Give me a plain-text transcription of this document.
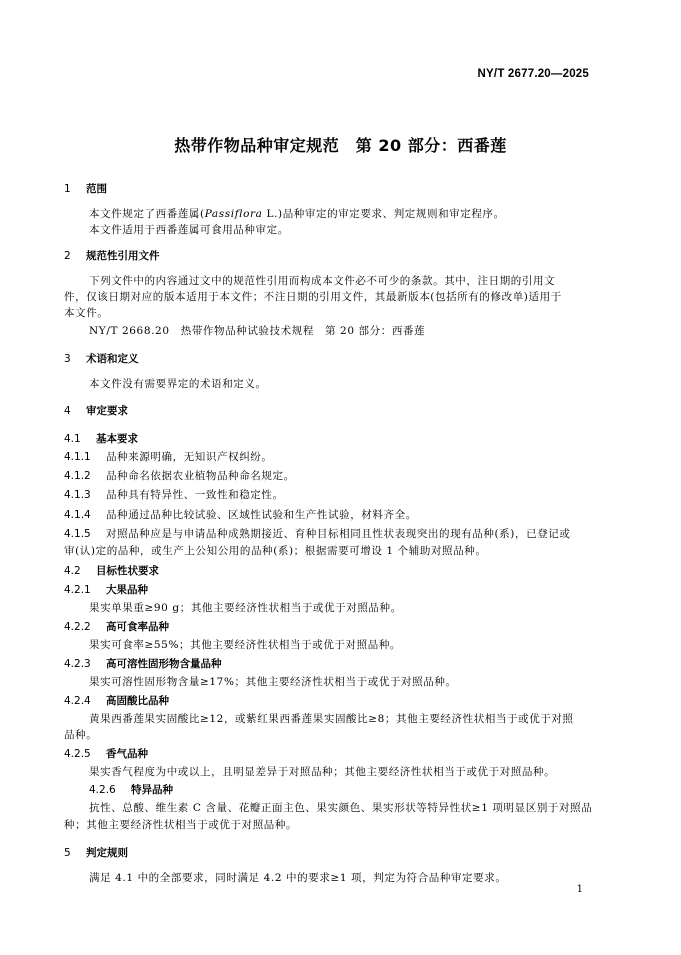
NY/T 2677.20—2025
热带作物品种审定规范　第 20 部分：西番莲
1 范围
本文件规定了西番莲属(Passiflora L.)品种审定的审定要求、判定规则和审定程序。
本文件适用于西番莲属可食用品种审定。
2 规范性引用文件
下列文件中的内容通过文中的规范性引用而构成本文件必不可少的条款。其中，注日期的引用文
件，仅该日期对应的版本适用于本文件；不注日期的引用文件，其最新版本(包括所有的修改单)适用于
本文件。
NY/T 2668.20　热带作物品种试验技术规程　第 20 部分：西番莲
3 术语和定义
本文件没有需要界定的术语和定义。
4 审定要求
4.1 基本要求
4.1.1 品种来源明确，无知识产权纠纷。
4.1.2 品种命名依据农业植物品种命名规定。
4.1.3 品种具有特异性、一致性和稳定性。
4.1.4 品种通过品种比较试验、区域性试验和生产性试验，材料齐全。
4.1.5 对照品种应是与申请品种成熟期接近、育种目标相同且性状表现突出的现有品种(系)，已登记或
审(认)定的品种，或生产上公知公用的品种(系)；根据需要可增设 1 个辅助对照品种。
4.2 目标性状要求
4.2.1 大果品种
果实单果重≥90 g；其他主要经济性状相当于或优于对照品种。
4.2.2 高可食率品种
果实可食率≥55%；其他主要经济性状相当于或优于对照品种。
4.2.3 高可溶性固形物含量品种
果实可溶性固形物含量≥17%；其他主要经济性状相当于或优于对照品种。
4.2.4 高固酸比品种
黄果西番莲果实固酸比≥12，或紫红果西番莲果实固酸比≥8；其他主要经济性状相当于或优于对照
品种。
4.2.5 香气品种
果实香气程度为中或以上，且明显差异于对照品种；其他主要经济性状相当于或优于对照品种。
4.2.6 特异品种
抗性、总酸、维生素 C 含量、花瓣正面主色、果实颜色、果实形状等特异性状≥1 项明显区别于对照品
种；其他主要经济性状相当于或优于对照品种。
5 判定规则
满足 4.1 中的全部要求，同时满足 4.2 中的要求≥1 项，判定为符合品种审定要求。
1
